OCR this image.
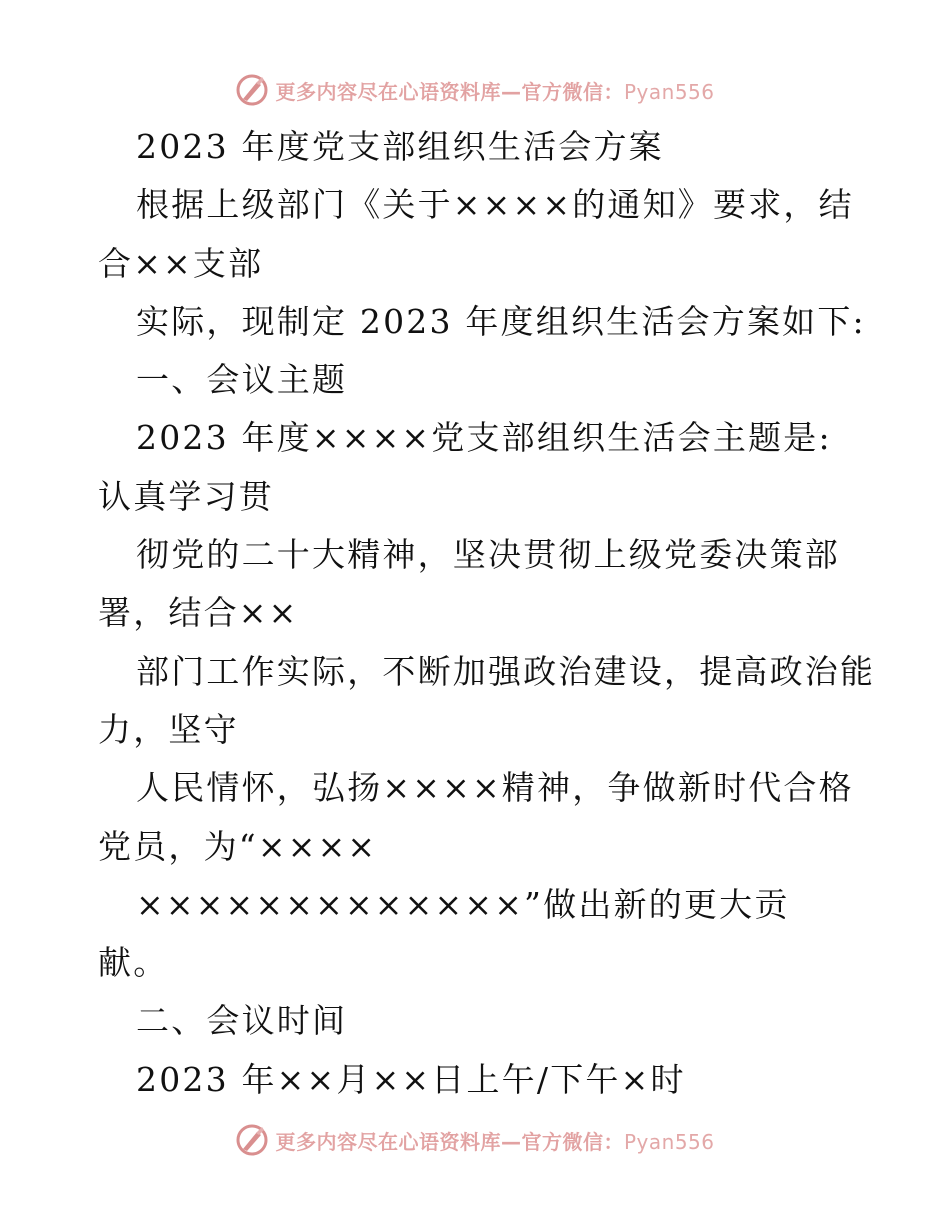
更多内容尽在心语资料库—官方微信：Pyan556
2023 年度党支部组织生活会方案
根据上级部门《关于××××的通知》要求，结
合××支部
实际，现制定 2023 年度组织生活会方案如下:
一、会议主题
2023 年度××××党支部组织生活会主题是:
认真学习贯
彻党的二十大精神，坚决贯彻上级党委决策部
署，结合××
部门工作实际，不断加强政治建设，提高政治能
力，坚守
人民情怀，弘扬××××精神，争做新时代合格
党员，为“××××
×××××××××××××”做出新的更大贡
献。
二、会议时间
2023 年××月××日上午/下午×时
更多内容尽在心语资料库—官方微信：Pyan556
